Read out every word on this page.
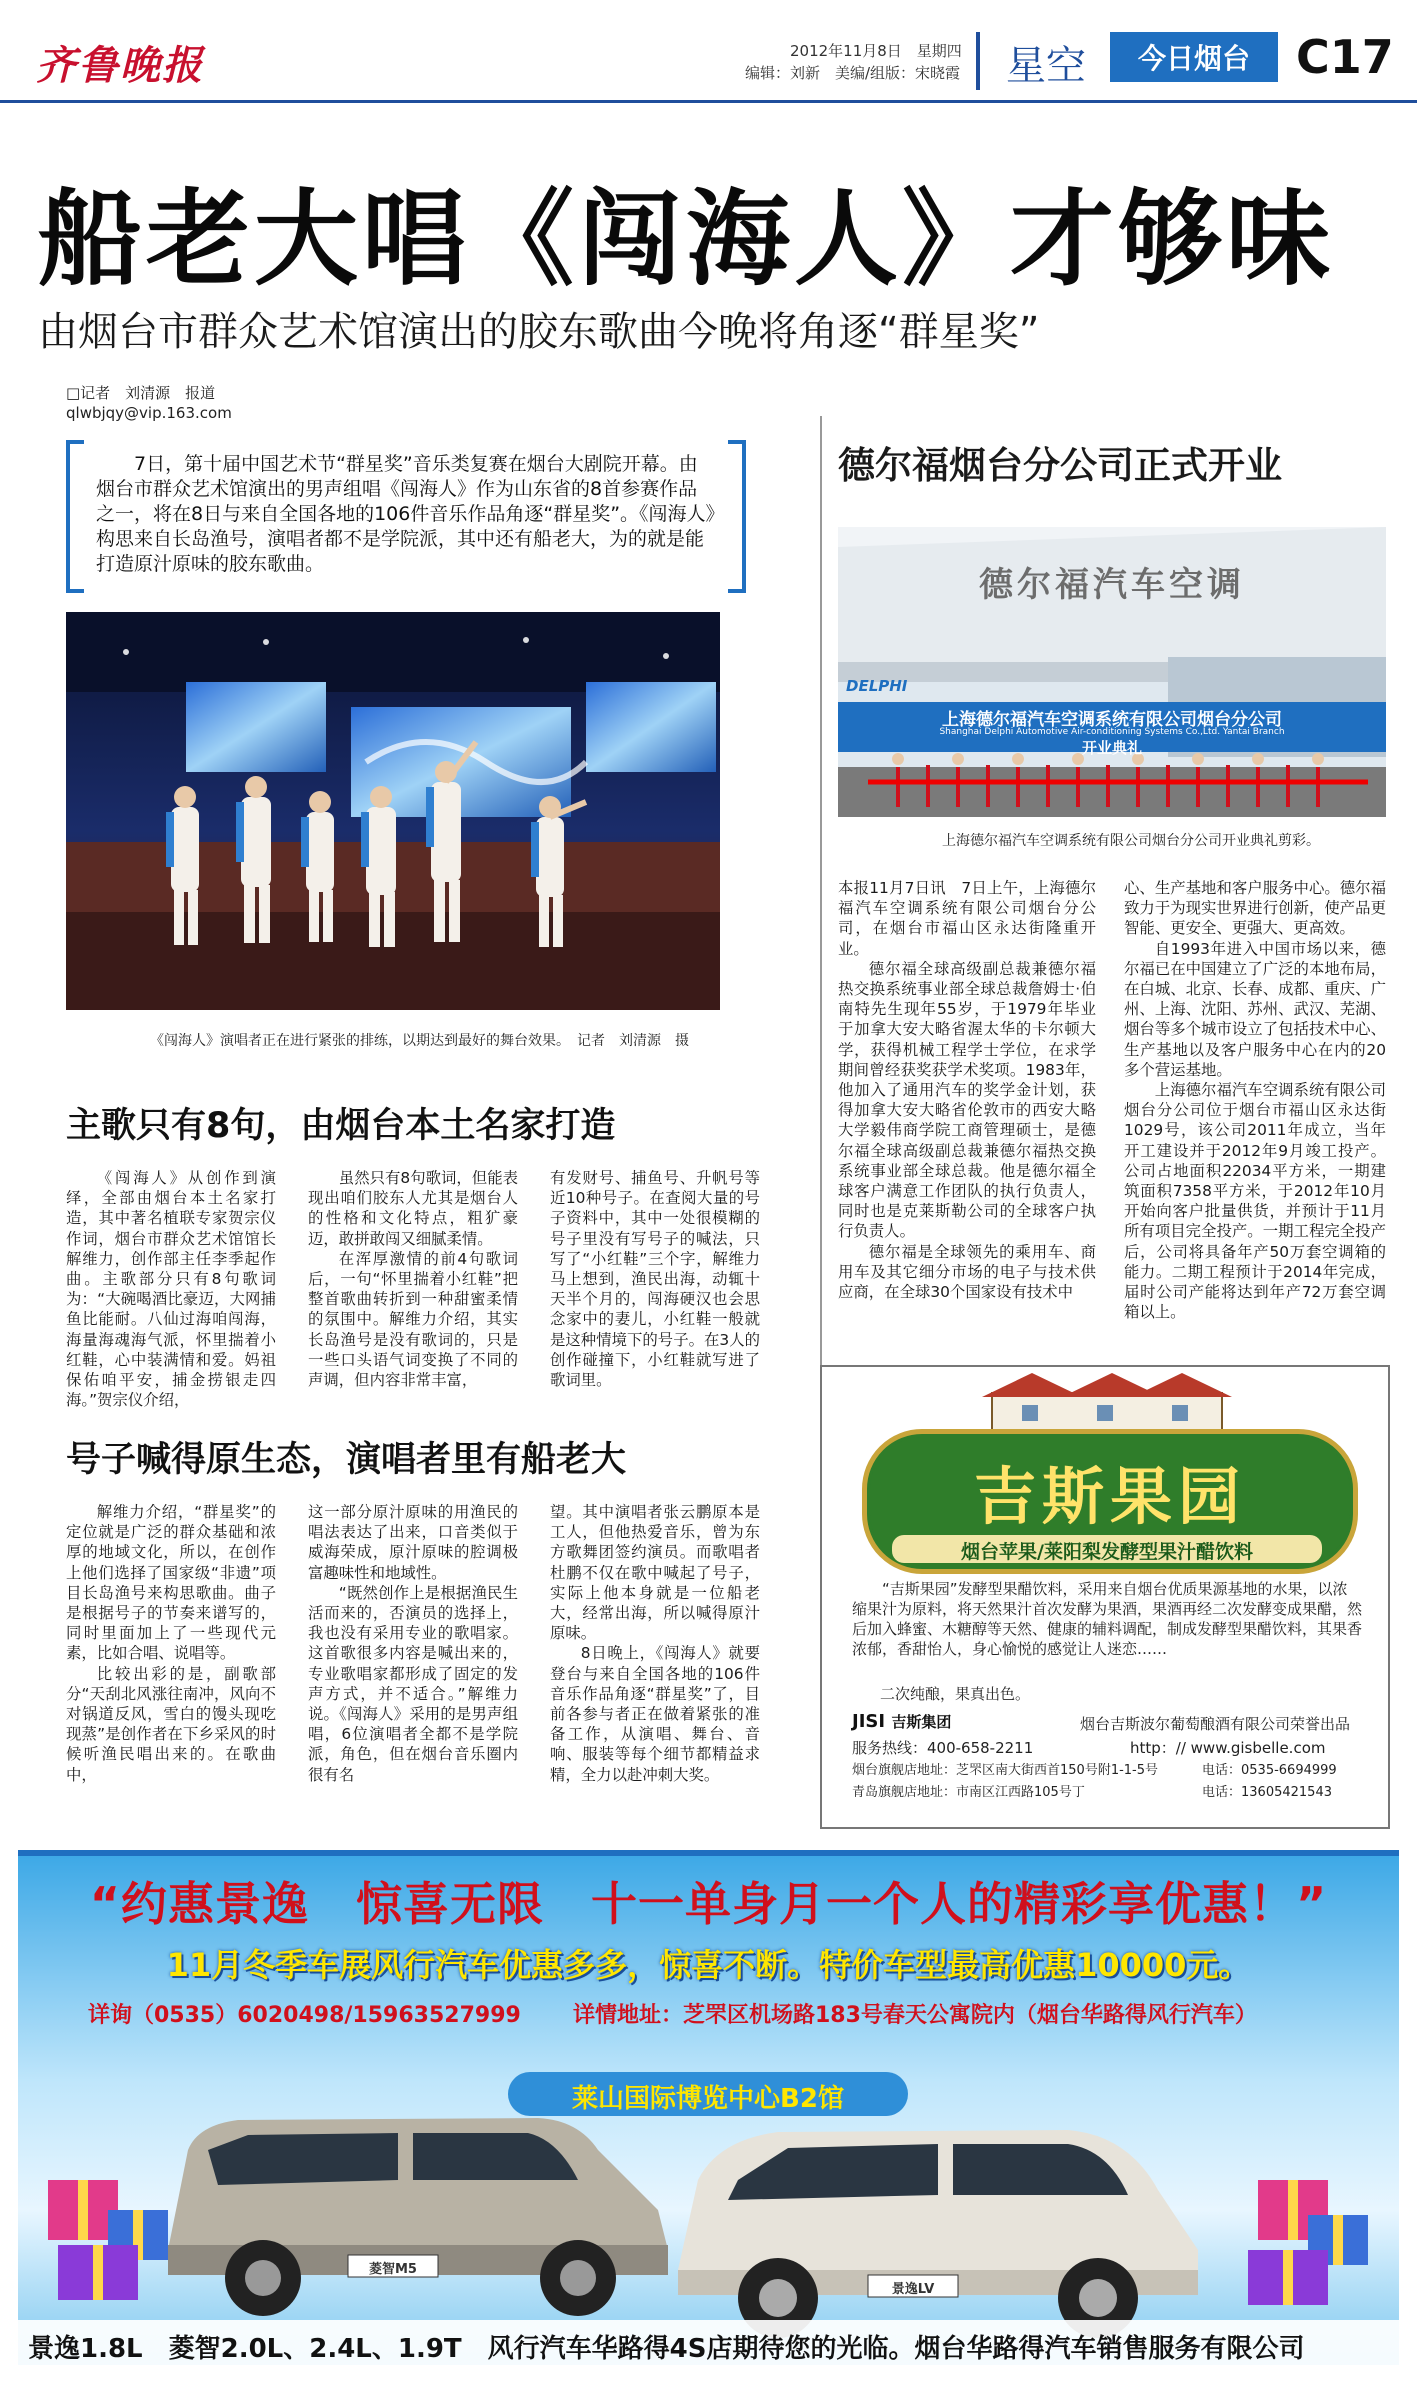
齐鲁晚报	2012年11月8日　星期四
编辑：刘新　美编/组版：宋晓霞 星空	今日烟台	C17
船老大唱《闯海人》才够味
由烟台市群众艺术馆演出的胶东歌曲今晚将角逐“群星奖”
□记者　刘清源　报道
qlwbjqy@vip.163.com
7日，第十届中国艺术节“群星奖”音乐类复赛在烟台大剧院开幕。由烟台市群众艺术馆演出的男声组唱《闯海人》作为山东省的8首参赛作品之一，将在8日与来自全国各地的106件音乐作品角逐“群星奖”。《闯海人》构思来自长岛渔号，演唱者都不是学院派，其中还有船老大，为的就是能打造原汁原味的胶东歌曲。
《闯海人》演唱者正在进行紧张的排练，以期达到最好的舞台效果。　记者　刘清源　摄
主歌只有8句，由烟台本土名家打造

《闯海人》从创作到演绎，全部由烟台本土名家打造，其中著名植联专家贺宗仪作词，烟台市群众艺术馆馆长解维力，创作部主任李季起作曲。主歌部分只有8句歌词为：“大碗喝酒比豪迈，大网捕鱼比能耐。八仙过海咱闯海，海量海魂海气派，怀里揣着小红鞋，心中装满情和爱。妈祖保佑咱平安，捕金捞银走四海。”贺宗仪介绍，

虽然只有8句歌词，但能表现出咱们胶东人尤其是烟台人的性格和文化特点，粗犷豪迈，敢拼敢闯又细腻柔情。

在浑厚激情的前4句歌词后，一句“怀里揣着小红鞋”把整首歌曲转折到一种甜蜜柔情的氛围中。解维力介绍，其实长岛渔号是没有歌词的，只是一些口头语气词变换了不同的声调，但内容非常丰富，

有发财号、捕鱼号、升帆号等近10种号子。在查阅大量的号子资料中，其中一处很模糊的号子里没有写号子的喊法，只写了“小红鞋”三个字，解维力马上想到，渔民出海，动辄十天半个月的，闯海硬汉也会思念家中的妻儿，小红鞋一般就是这种情境下的号子。在3人的创作碰撞下，小红鞋就写进了歌词里。

号子喊得原生态，演唱者里有船老大

解维力介绍，“群星奖”的定位就是广泛的群众基础和浓厚的地域文化，所以，在创作上他们选择了国家级“非遗”项目长岛渔号来构思歌曲。曲子是根据号子的节奏来谱写的，同时里面加上了一些现代元素，比如合唱、说唱等。

比较出彩的是，副歌部分“天刮北风涨往南冲，风向不对锅道反风，雪白的馒头现吃现蒸”是创作者在下乡采风的时候听渔民唱出来的。在歌曲中，

这一部分原汁原味的用渔民的唱法表达了出来，口音类似于威海荣成，原汁原味的腔调极富趣味性和地域性。

“既然创作上是根据渔民生活而来的，否演员的选择上，我也没有采用专业的歌唱家。这首歌很多内容是喊出来的，专业歌唱家都形成了固定的发声方式，并不适合。”解维力说。《闯海人》采用的是男声组唱，6位演唱者全都不是学院派，角色，但在烟台音乐圈内很有名

望。其中演唱者张云鹏原本是工人，但他热爱音乐，曾为东方歌舞团签约演员。而歌唱者杜鹏不仅在歌中喊起了号子，实际上他本身就是一位船老大，经常出海，所以喊得原汁原味。

8日晚上，《闯海人》就要登台与来自全国各地的106件音乐作品角逐“群星奖”了，目前各参与者正在做着紧张的准备工作，从演唱、舞台、音响、服装等每个细节都精益求精，全力以赴冲刺大奖。

德尔福烟台分公司正式开业
德尔福汽车空调
DELPHI
上海德尔福汽车空调系统有限公司烟台分公司
Shanghai Delphi Automotive Air-conditioning Systems Co.,Ltd. Yantai Branch
开业典礼
上海德尔福汽车空调系统有限公司烟台分公司开业典礼剪彩。

本报11月7日讯　7日上午，上海德尔福汽车空调系统有限公司烟台分公司，在烟台市福山区永达街隆重开业。

德尔福全球高级副总裁兼德尔福热交换系统事业部全球总裁詹姆士·伯南特先生现年55岁，于1979年毕业于加拿大安大略省渥太华的卡尔顿大学，获得机械工程学士学位，在求学期间曾经获奖获学术奖项。1983年，他加入了通用汽车的奖学金计划，获得加拿大安大略省伦敦市的西安大略大学毅伟商学院工商管理硕士，是德尔福全球高级副总裁兼德尔福热交换系统事业部全球总裁。他是德尔福全球客户满意工作团队的执行负责人，同时也是克莱斯勒公司的全球客户执行负责人。

德尔福是全球领先的乘用车、商用车及其它细分市场的电子与技术供应商，在全球30个国家设有技术中

心、生产基地和客户服务中心。德尔福致力于为现实世界进行创新，使产品更智能、更安全、更强大、更高效。

自1993年进入中国市场以来，德尔福已在中国建立了广泛的本地布局，在白城、北京、长春、成都、重庆、广州、上海、沈阳、苏州、武汉、芜湖、烟台等多个城市设立了包括技术中心、生产基地以及客户服务中心在内的20多个营运基地。

上海德尔福汽车空调系统有限公司烟台分公司位于烟台市福山区永达街1029号，该公司2011年成立，当年开工建设并于2012年9月竣工投产。公司占地面积22034平方米，一期建筑面积7358平方米，于2012年10月开始向客户批量供货，并预计于11月所有项目完全投产。一期工程完全投产后，公司将具备年产50万套空调箱的能力。二期工程预计于2014年完成，届时公司产能将达到年产72万套空调箱以上。

吉斯果园
烟台苹果/莱阳梨发酵型果汁醋饮料
“吉斯果园”发酵型果醋饮料，采用来自烟台优质果源基地的水果，以浓缩果汁为原料，将天然果汁首次发酵为果酒，果酒再经二次发酵变成果醋，然后加入蜂蜜、木糖醇等天然、健康的辅料调配，制成发酵型果醋饮料，其果香浓郁，香甜怡人，身心愉悦的感觉让人迷恋……
二次纯酿，果真出色。
JISI 吉斯集团	烟台吉斯波尔葡萄酿酒有限公司荣誉出品
服务热线：400-658-2211	http：// www.gisbelle.com
烟台旗舰店地址：芝罘区南大街西首150号附1-1-5号	电话：0535-6694999
青岛旗舰店地址：市南区江西路105号丁	电话：13605421543
“约惠景逸　惊喜无限　十一单身月一个人的精彩享优惠！”
11月冬季车展风行汽车优惠多多，惊喜不断。特价车型最高优惠10000元。
详询（0535）6020498/15963527999 详情地址：芝罘区机场路183号春天公寓院内（烟台华路得风行汽车）
莱山国际博览中心B2馆
菱智M5
景逸LV
景逸1.8L　菱智2.0L、2.4L、1.9T　风行汽车华路得4S店期待您的光临。烟台华路得汽车销售服务有限公司
